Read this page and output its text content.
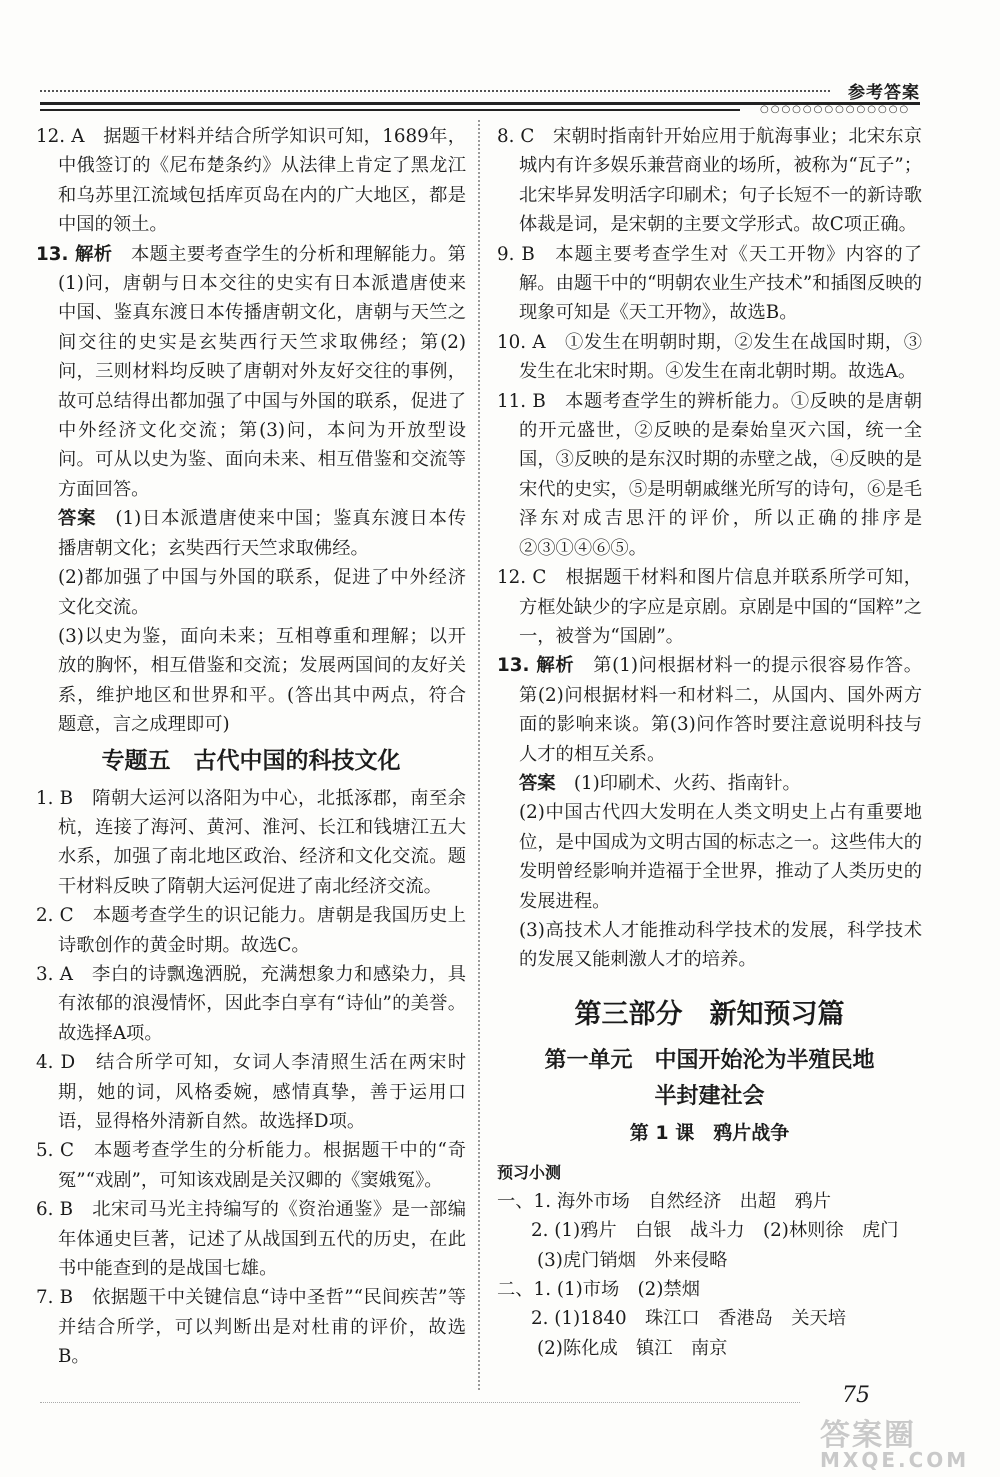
参考答案
○○○○○○○○○○○○○○

12. A　据题干材料并结合所学知识可知，1689年，中俄签订的《尼布楚条约》从法律上肯定了黑龙江和乌苏里江流域包括库页岛在内的广大地区，都是中国的领土。

13. 解析　本题主要考查学生的分析和理解能力。第(1)问，唐朝与日本交往的史实有日本派遣唐使来中国、鉴真东渡日本传播唐朝文化，唐朝与天竺之间交往的史实是玄奘西行天竺求取佛经；第(2)问，三则材料均反映了唐朝对外友好交往的事例，故可总结得出都加强了中国与外国的联系，促进了中外经济文化交流；第(3)问，本问为开放型设问。可从以史为鉴、面向未来、相互借鉴和交流等方面回答。

答案　(1)日本派遣唐使来中国；鉴真东渡日本传播唐朝文化；玄奘西行天竺求取佛经。

(2)都加强了中国与外国的联系，促进了中外经济文化交流。

(3)以史为鉴，面向未来；互相尊重和理解；以开放的胸怀，相互借鉴和交流；发展两国间的友好关系，维护地区和世界和平。(答出其中两点，符合题意，言之成理即可)

专题五　古代中国的科技文化

1. B　隋朝大运河以洛阳为中心，北抵涿郡，南至余杭，连接了海河、黄河、淮河、长江和钱塘江五大水系，加强了南北地区政治、经济和文化交流。题干材料反映了隋朝大运河促进了南北经济交流。

2. C　本题考查学生的识记能力。唐朝是我国历史上诗歌创作的黄金时期。故选C。

3. A　李白的诗飘逸洒脱，充满想象力和感染力，具有浓郁的浪漫情怀，因此李白享有“诗仙”的美誉。故选择A项。

4. D　结合所学可知，女词人李清照生活在两宋时期，她的词，风格委婉，感情真挚，善于运用口语，显得格外清新自然。故选择D项。

5. C　本题考查学生的分析能力。根据题干中的“奇冤”“戏剧”，可知该戏剧是关汉卿的《窦娥冤》。

6. B　北宋司马光主持编写的《资治通鉴》是一部编年体通史巨著，记述了从战国到五代的历史，在此书中能查到的是战国七雄。

7. B　依据题干中关键信息“诗中圣哲”“民间疾苦”等并结合所学，可以判断出是对杜甫的评价，故选B。

8. C　宋朝时指南针开始应用于航海事业；北宋东京城内有许多娱乐兼营商业的场所，被称为“瓦子”；北宋毕昇发明活字印刷术；句子长短不一的新诗歌体裁是词，是宋朝的主要文学形式。故C项正确。

9. B　本题主要考查学生对《天工开物》内容的了解。由题干中的“明朝农业生产技术”和插图反映的现象可知是《天工开物》，故选B。

10. A　①发生在明朝时期，②发生在战国时期，③发生在北宋时期。④发生在南北朝时期。故选A。

11. B　本题考查学生的辨析能力。①反映的是唐朝的开元盛世，②反映的是秦始皇灭六国，统一全国，③反映的是东汉时期的赤壁之战，④反映的是宋代的史实，⑤是明朝戚继光所写的诗句，⑥是毛泽东对成吉思汗的评价，所以正确的排序是②③①④⑥⑤。

12. C　根据题干材料和图片信息并联系所学可知，方框处缺少的字应是京剧。京剧是中国的“国粹”之一，被誉为“国剧”。

13. 解析　第(1)问根据材料一的提示很容易作答。第(2)问根据材料一和材料二，从国内、国外两方面的影响来谈。第(3)问作答时要注意说明科技与人才的相互关系。

答案　(1)印刷术、火药、指南针。

(2)中国古代四大发明在人类文明史上占有重要地位，是中国成为文明古国的标志之一。这些伟大的发明曾经影响并造福于全世界，推动了人类历史的发展进程。

(3)高技术人才能推动科学技术的发展，科学技术的发展又能刺激人才的培养。

第三部分　新知预习篇
第一单元　中国开始沦为半殖民地
半封建社会
第 1 课　鸦片战争

预习小测

一、1. 海外市场　自然经济　出超　鸦片

2. (1)鸦片　白银　战斗力　(2)林则徐　虎门

(3)虎门销烟　外来侵略

二、1. (1)市场　(2)禁烟

2. (1)1840　珠江口　香港岛　关天培

(2)陈化成　镇江　南京

75
答案圈
MXQE.COM
